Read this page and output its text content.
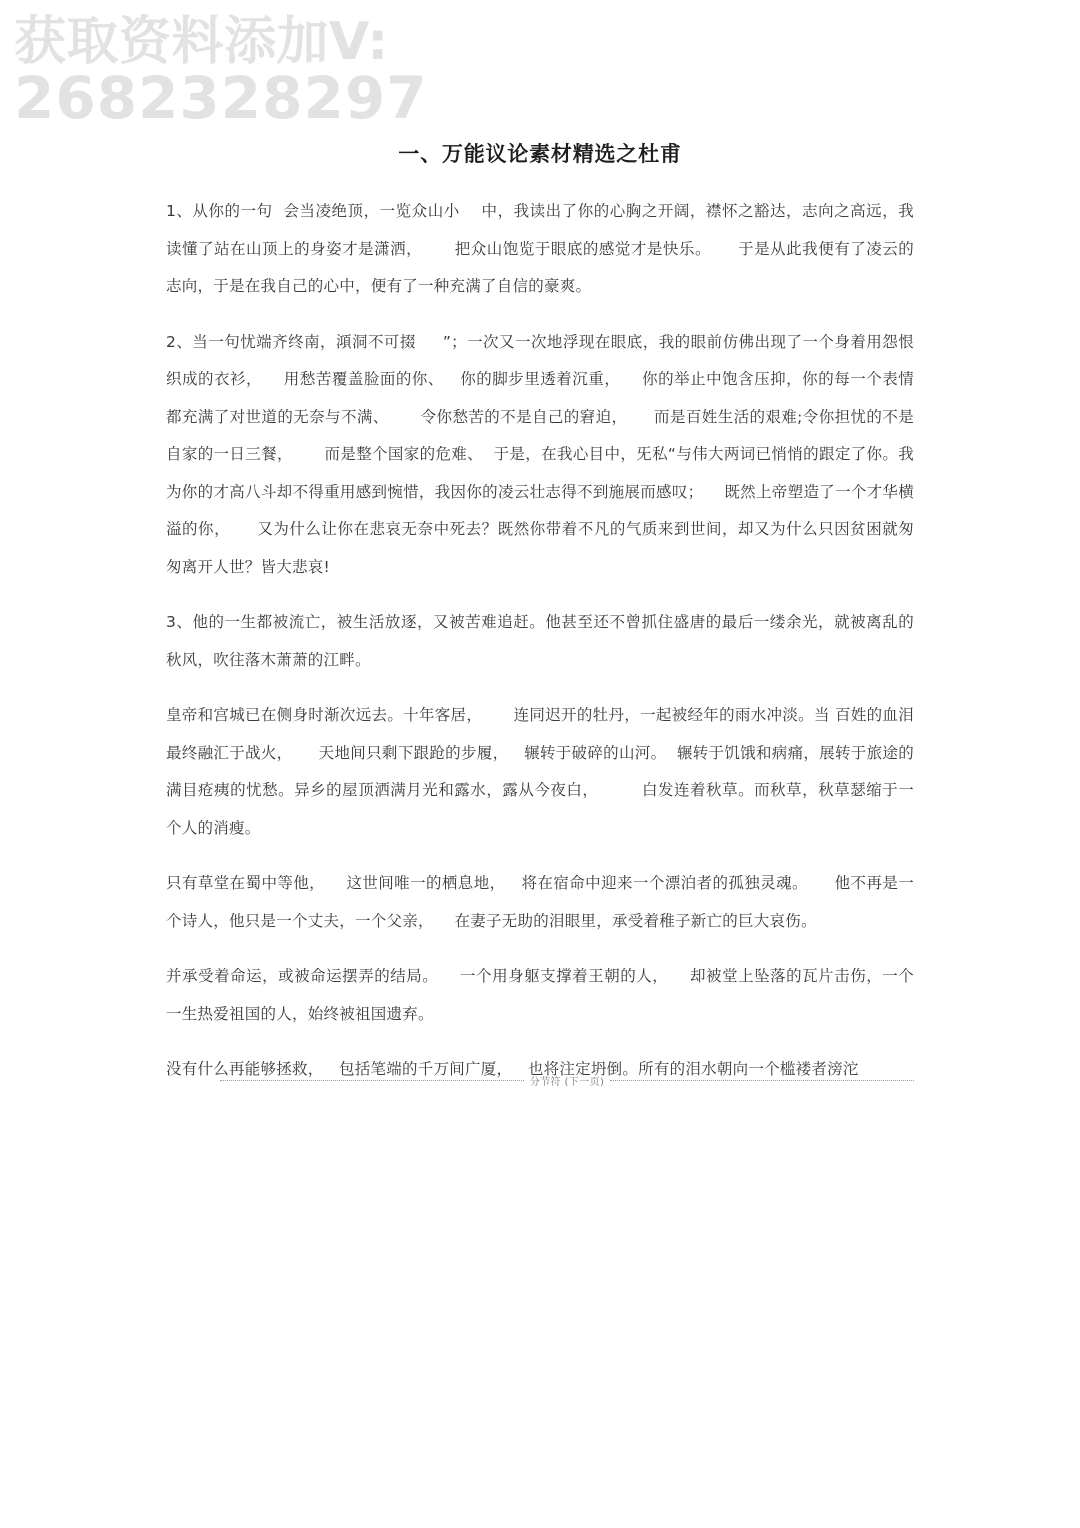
获取资料添加V:
2682328297
一、万能议论素材精选之杜甫

1、从你的一句  会当凌绝顶，一览众山小    中，我读出了你的心胸之开阔，襟怀之豁达，志向之高远，我读懂了站在山顶上的身姿才是潇洒，      把众山饱览于眼底的感觉才是快乐。     于是从此我便有了凌云的志向，于是在我自己的心中，便有了一种充满了自信的豪爽。

2、当一句忧端齐终南，澒洞不可掇     ”；一次又一次地浮现在眼底，我的眼前仿佛出现了一个身着用怨恨织成的衣衫，    用愁苦覆盖脸面的你、   你的脚步里透着沉重，    你的举止中饱含压抑，你的每一个表情都充满了对世道的无奈与不满、      令你愁苦的不是自己的窘迫，     而是百姓生活的艰难;令你担忧的不是自家的一日三餐，      而是整个国家的危难、  于是，在我心目中，旡私“与伟大两词已悄悄的跟定了你。我为你的才高八斗却不得重用感到惋惜，我因你的凌云壮志得不到施展而感叹；    既然上帝塑造了一个才华横溢的你，     又为什么让你在悲哀无奈中死去？既然你带着不凡的气质来到世间，却又为什么只因贫困就匆匆离开人世？皆大悲哀!

3、他的一生都被流亡，被生活放逐，又被苦难追赶。他甚至还不曾抓住盛唐的最后一缕余光，就被离乱的秋风，吹往落木萧萧的江畔。

皇帝和宫城已在侧身时渐次远去。十年客居，      连同迟开的牡丹，一起被经年的雨水冲淡。当 百姓的血泪最终融汇于战火，     天地间只剩下跟跄的步履，   辗转于破碎的山河。  辗转于饥饿和病痛，展转于旅途的满目疮痍的忧愁。异乡的屋顶洒满月光和露水，露从今夜白，        白发连着秋草。而秋草，秋草瑟缩于一个人的消瘦。

只有草堂在蜀中等他，    这世间唯一的栖息地，   将在宿命中迎来一个漂泊者的孤独灵魂。     他不再是一个诗人，他只是一个丈夫，一个父亲，    在妻子无助的泪眼里，承受着稚子新亡的巨大哀伤。

并承受着命运，或被命运摆弄的结局。    一个用身躯支撑着王朝的人，    却被堂上坠落的瓦片击伤，一个一生热爱祖国的人，始终被祖国遗弃。

没有什么再能够拯救，   包括笔端的千万间广厦，   也将注定坍倒。所有的泪水朝向一个槛褛者滂沱

分节符 (下一页)
